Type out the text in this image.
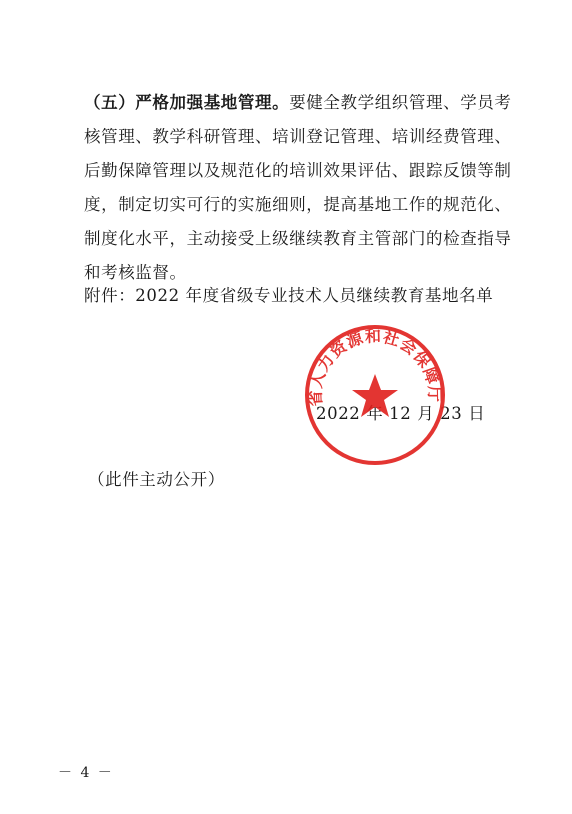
（五）严格加强基地管理。要健全教学组织管理、学员考核管理、教学科研管理、培训登记管理、培训经费管理、后勤保障管理以及规范化的培训效果评估、跟踪反馈等制度，制定切实可行的实施细则，提高基地工作的规范化、制度化水平，主动接受上级继续教育主管部门的检查指导和考核监督。
附件：2022 年度省级专业技术人员继续教育基地名单
2022 年 12 月 23 日
省人力资源和社会保障厅
（此件主动公开）
－ 4 －
